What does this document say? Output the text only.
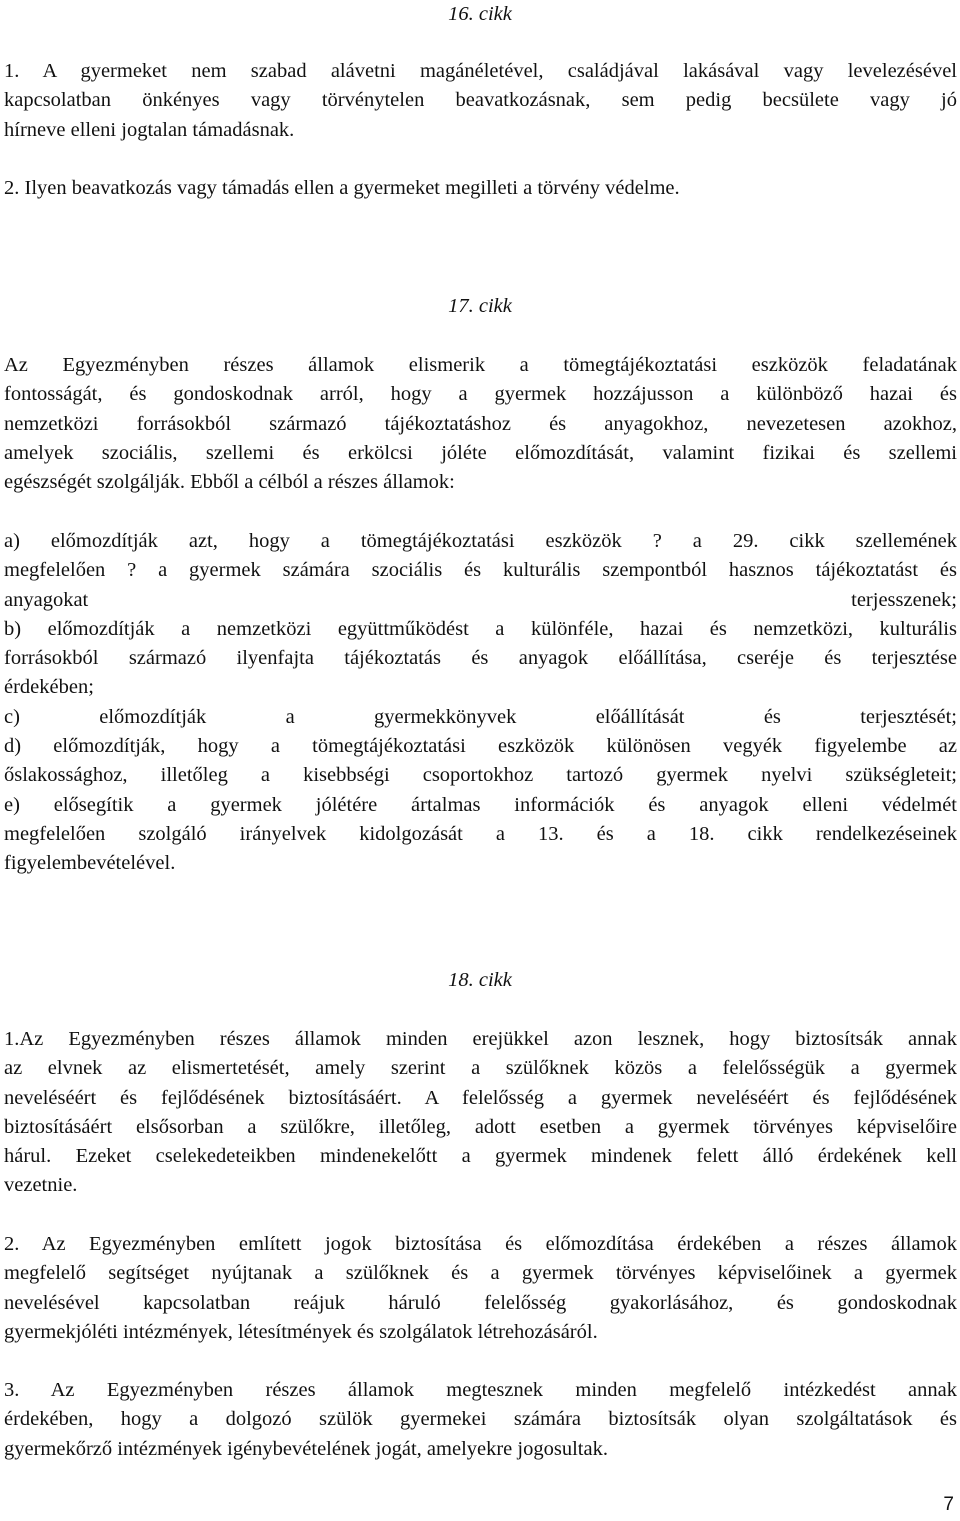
16. cikk
1. A gyermeket nem szabad alávetni magánéletével, családjával lakásával vagy levelezésével
kapcsolatban önkényes vagy törvénytelen beavatkozásnak, sem pedig becsülete vagy jó
hírneve elleni jogtalan támadásnak.
2. Ilyen beavatkozás vagy támadás ellen a gyermeket megilleti a törvény védelme.
17. cikk
Az Egyezményben részes államok elismerik a tömegtájékoztatási eszközök feladatának
fontosságát, és gondoskodnak arról, hogy a gyermek hozzájusson a különböző hazai és
nemzetközi forrásokból származó tájékoztatáshoz és anyagokhoz, nevezetesen azokhoz,
amelyek szociális, szellemi és erkölcsi jóléte előmozdítását, valamint fizikai és szellemi
egészségét szolgálják. Ebből a célból a részes államok:
a) előmozdítják azt, hogy a tömegtájékoztatási eszközök ? a 29. cikk szellemének
megfelelően ? a gyermek számára szociális és kulturális szempontból hasznos tájékoztatást és
anyagokat terjesszenek;
b) előmozdítják a nemzetközi együttműködést a különféle, hazai és nemzetközi, kulturális
forrásokból származó ilyenfajta tájékoztatás és anyagok előállítása, cseréje és terjesztése
érdekében;
c) előmozdítják a gyermekkönyvek előállítását és terjesztését;
d) előmozdítják, hogy a tömegtájékoztatási eszközök különösen vegyék figyelembe az
őslakossághoz, illetőleg a kisebbségi csoportokhoz tartozó gyermek nyelvi szükségleteit;
e) elősegítik a gyermek jólétére ártalmas információk és anyagok elleni védelmét
megfelelően szolgáló irányelvek kidolgozását a 13. és a 18. cikk rendelkezéseinek
figyelembevételével.
18. cikk
1.Az Egyezményben részes államok minden erejükkel azon lesznek, hogy biztosítsák annak
az elvnek az elismertetését, amely szerint a szülőknek közös a felelősségük a gyermek
neveléséért és fejlődésének biztosításáért. A felelősség a gyermek neveléséért és fejlődésének
biztosításáért elsősorban a szülőkre, illetőleg, adott esetben a gyermek törvényes képviselőire
hárul. Ezeket cselekedeteikben mindenekelőtt a gyermek mindenek felett álló érdekének kell
vezetnie.
2. Az Egyezményben említett jogok biztosítása és előmozdítása érdekében a részes államok
megfelelő segítséget nyújtanak a szülőknek és a gyermek törvényes képviselőinek a gyermek
nevelésével kapcsolatban reájuk háruló felelősség gyakorlásához, és gondoskodnak
gyermekjóléti intézmények, létesítmények és szolgálatok létrehozásáról.
3. Az Egyezményben részes államok megtesznek minden megfelelő intézkedést annak
érdekében, hogy a dolgozó szülök gyermekei számára biztosítsák olyan szolgáltatások és
gyermekőrző intézmények igénybevételének jogát, amelyekre jogosultak.
7
